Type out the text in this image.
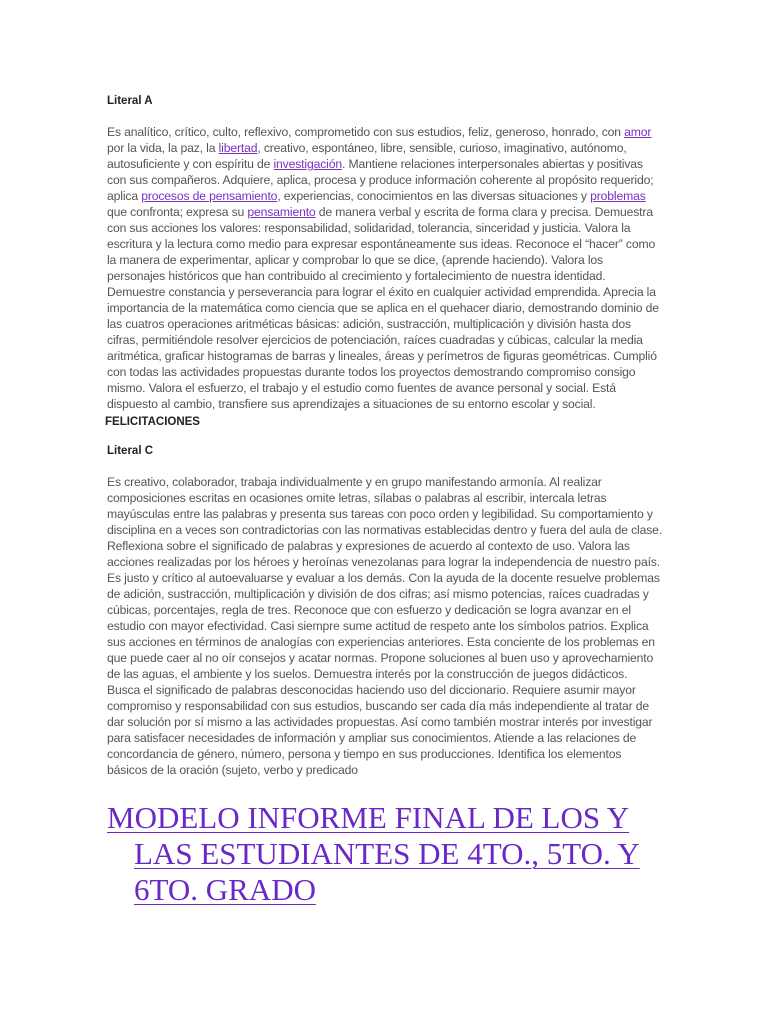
Literal A

Es analítico, crítico, culto, reflexivo, comprometido con sus estudios, feliz, generoso, honrado, con amor por la vida, la paz, la libertad, creativo, espontáneo, libre, sensible, curioso, imaginativo, autónomo, autosuficiente y con espíritu de investigación. Mantiene relaciones interpersonales abiertas y positivas con sus compañeros. Adquiere, aplica, procesa y produce información coherente al propósito requerido; aplica procesos de pensamiento, experiencias, conocimientos en las diversas situaciones y problemas que confronta; expresa su pensamiento de manera verbal y escrita de forma clara y precisa. Demuestra con sus acciones los valores: responsabilidad, solidaridad, tolerancia, sinceridad y justicia. Valora la escritura y la lectura como medio para expresar espontáneamente sus ideas. Reconoce el “hacer” como la manera de experimentar, aplicar y comprobar lo que se dice, (aprende haciendo). Valora los personajes históricos que han contribuido al crecimiento y fortalecimiento de nuestra identidad. Demuestre constancia y perseverancia para lograr el éxito en cualquier actividad emprendida. Aprecia la importancia de la matemática como ciencia que se aplica en el quehacer diario, demostrando dominio de las cuatros operaciones aritméticas básicas: adición, sustracción, multiplicación y división hasta dos cifras, permitiéndole resolver ejercicios de potenciación, raíces cuadradas y cúbicas, calcular la media aritmética, graficar histogramas de barras y lineales, áreas y perímetros de figuras geométricas. Cumplió con todas las actividades propuestas durante todos los proyectos demostrando compromiso consigo mismo. Valora el esfuerzo, el trabajo y el estudio como fuentes de avance personal y social. Está dispuesto al cambio, transfiere sus aprendizajes a situaciones de su entorno escolar y social.

FELICITACIONES
Literal C

Es creativo, colaborador, trabaja individualmente y en grupo manifestando armonía. Al realizar composiciones escritas en ocasiones omite letras, sílabas o palabras al escribir, intercala letras mayúsculas entre las palabras y presenta sus tareas con poco orden y legibilidad. Su comportamiento y disciplina en a veces son contradictorias con las normativas establecidas dentro y fuera del aula de clase. Reflexiona sobre el significado de palabras y expresiones de acuerdo al contexto de uso. Valora las acciones realizadas por los héroes y heroínas venezolanas para lograr la independencia de nuestro país. Es justo y crítico al autoevaluarse y evaluar a los demás. Con la ayuda de la docente resuelve problemas de adición, sustracción, multiplicación y división de dos cifras; así mismo potencias, raíces cuadradas y cúbicas, porcentajes, regla de tres. Reconoce que con esfuerzo y dedicación se logra avanzar en el estudio con mayor efectividad. Casi siempre sume actitud de respeto ante los símbolos patrios. Explica sus acciones en términos de analogías con experiencias anteriores. Esta conciente de los problemas en que puede caer al no oír consejos y acatar normas. Propone soluciones al buen uso y aprovechamiento de las aguas, el ambiente y los suelos. Demuestra interés por la construcción de juegos didácticos. Busca el significado de palabras desconocidas haciendo uso del diccionario. Requiere asumir mayor compromiso y responsabilidad con sus estudios, buscando ser cada día más independiente al tratar de dar solución por sí mismo a las actividades propuestas. Así como también mostrar interés por investigar para satisfacer necesidades de información y ampliar sus conocimientos. Atiende a las relaciones de concordancia de género, número, persona y tiempo en sus producciones. Identifica los elementos básicos de la oración (sujeto, verbo y predicado

MODELO INFORME FINAL DE LOS Y
LAS ESTUDIANTES DE 4TO., 5TO. Y
6TO. GRADO
